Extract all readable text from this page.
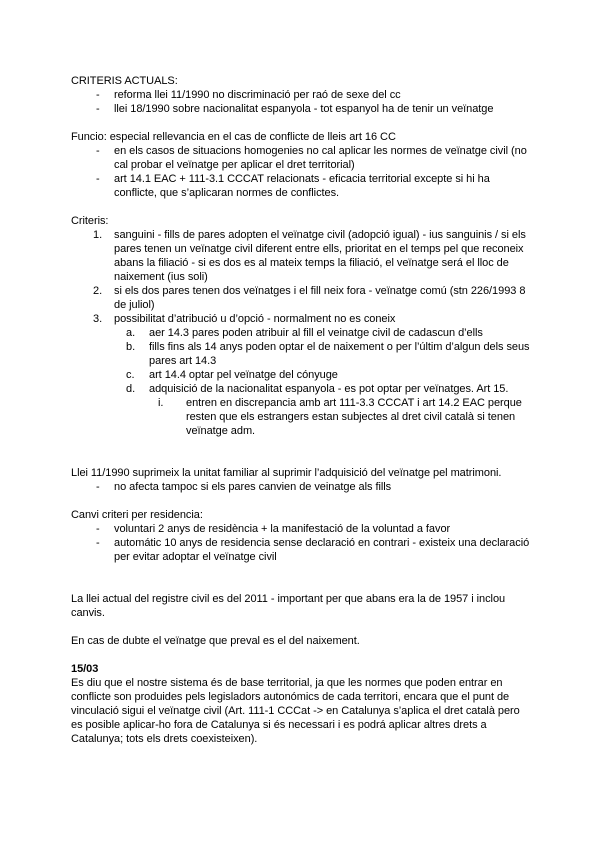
CRITERIS ACTUALS:
-	reforma llei 11/1990 no discriminació per raó de sexe del cc
-	llei 18/1990 sobre nacionalitat espanyola - tot espanyol ha de tenir un veïnatge
Funcio: especial rellevancia en el cas de conflicte de lleis art 16 CC
-	en els casos de situacions homogenies no cal aplicar les normes de veïnatge civil (no cal probar el veïnatge per aplicar el dret territorial)
-	art 14.1 EAC + 111-3.1 CCCAT relacionats - eficacia territorial excepte si hi ha conflicte, que s’aplicaran normes de conflictes.
Criteris:
1.	sanguini - fills de pares adopten el veïnatge civil (adopció igual) - ius sanguinis / si els pares tenen un veïnatge civil diferent entre ells, prioritat en el temps pel que reconeix abans la filiació - si es dos es al mateix temps la filiació, el veïnatge será el lloc de naixement (ius soli)
2.	si els dos pares tenen dos veïnatges i el fill neix fora - veïnatge comú (stn 226/1993 8 de juliol)
3.	possibilitat d’atribució u d’opció - normalment no es coneix
a.	aer 14.3 pares poden atribuir al fill el veinatge civil de cadascun d’ells
b.	fills fins als 14 anys poden optar el de naixement o per l’últim d’algun dels seus pares art 14.3
c.	art 14.4 optar pel veïnatge del cónyuge
d.	adquisició de la nacionalitat espanyola - es pot optar per veïnatges. Art 15.
i.	entren en discrepancia amb art 111-3.3 CCCAT i art 14.2 EAC perque resten que els estrangers estan subjectes al dret civil català si tenen veïnatge adm.
Llei 11/1990 suprimeix la unitat familiar al suprimir l’adquisició del veïnatge pel matrimoni.
-	no afecta tampoc si els pares canvien de veinatge als fills
Canvi criteri per residencia:
-	voluntari 2 anys de residència + la manifestació de la voluntad a favor
-	automátic 10 anys de residencia sense declaració en contrari - existeix una declaració per evitar adoptar el veïnatge civil
La llei actual del registre civil es del 2011 - important per que abans era la de 1957 i inclou canvis.
En cas de dubte el veïnatge que preval es el del naixement.
15/03
Es diu que el nostre sistema és de base territorial, ja que les normes que poden entrar en conflicte son produides pels legisladors autonómics de cada territori, encara que el punt de vinculació sigui el veïnatge civil (Art. 111-1 CCCat -> en Catalunya s’aplica el dret català pero es posible aplicar-ho fora de Catalunya si és necessari i es podrá aplicar altres drets a Catalunya; tots els drets coexisteixen).
